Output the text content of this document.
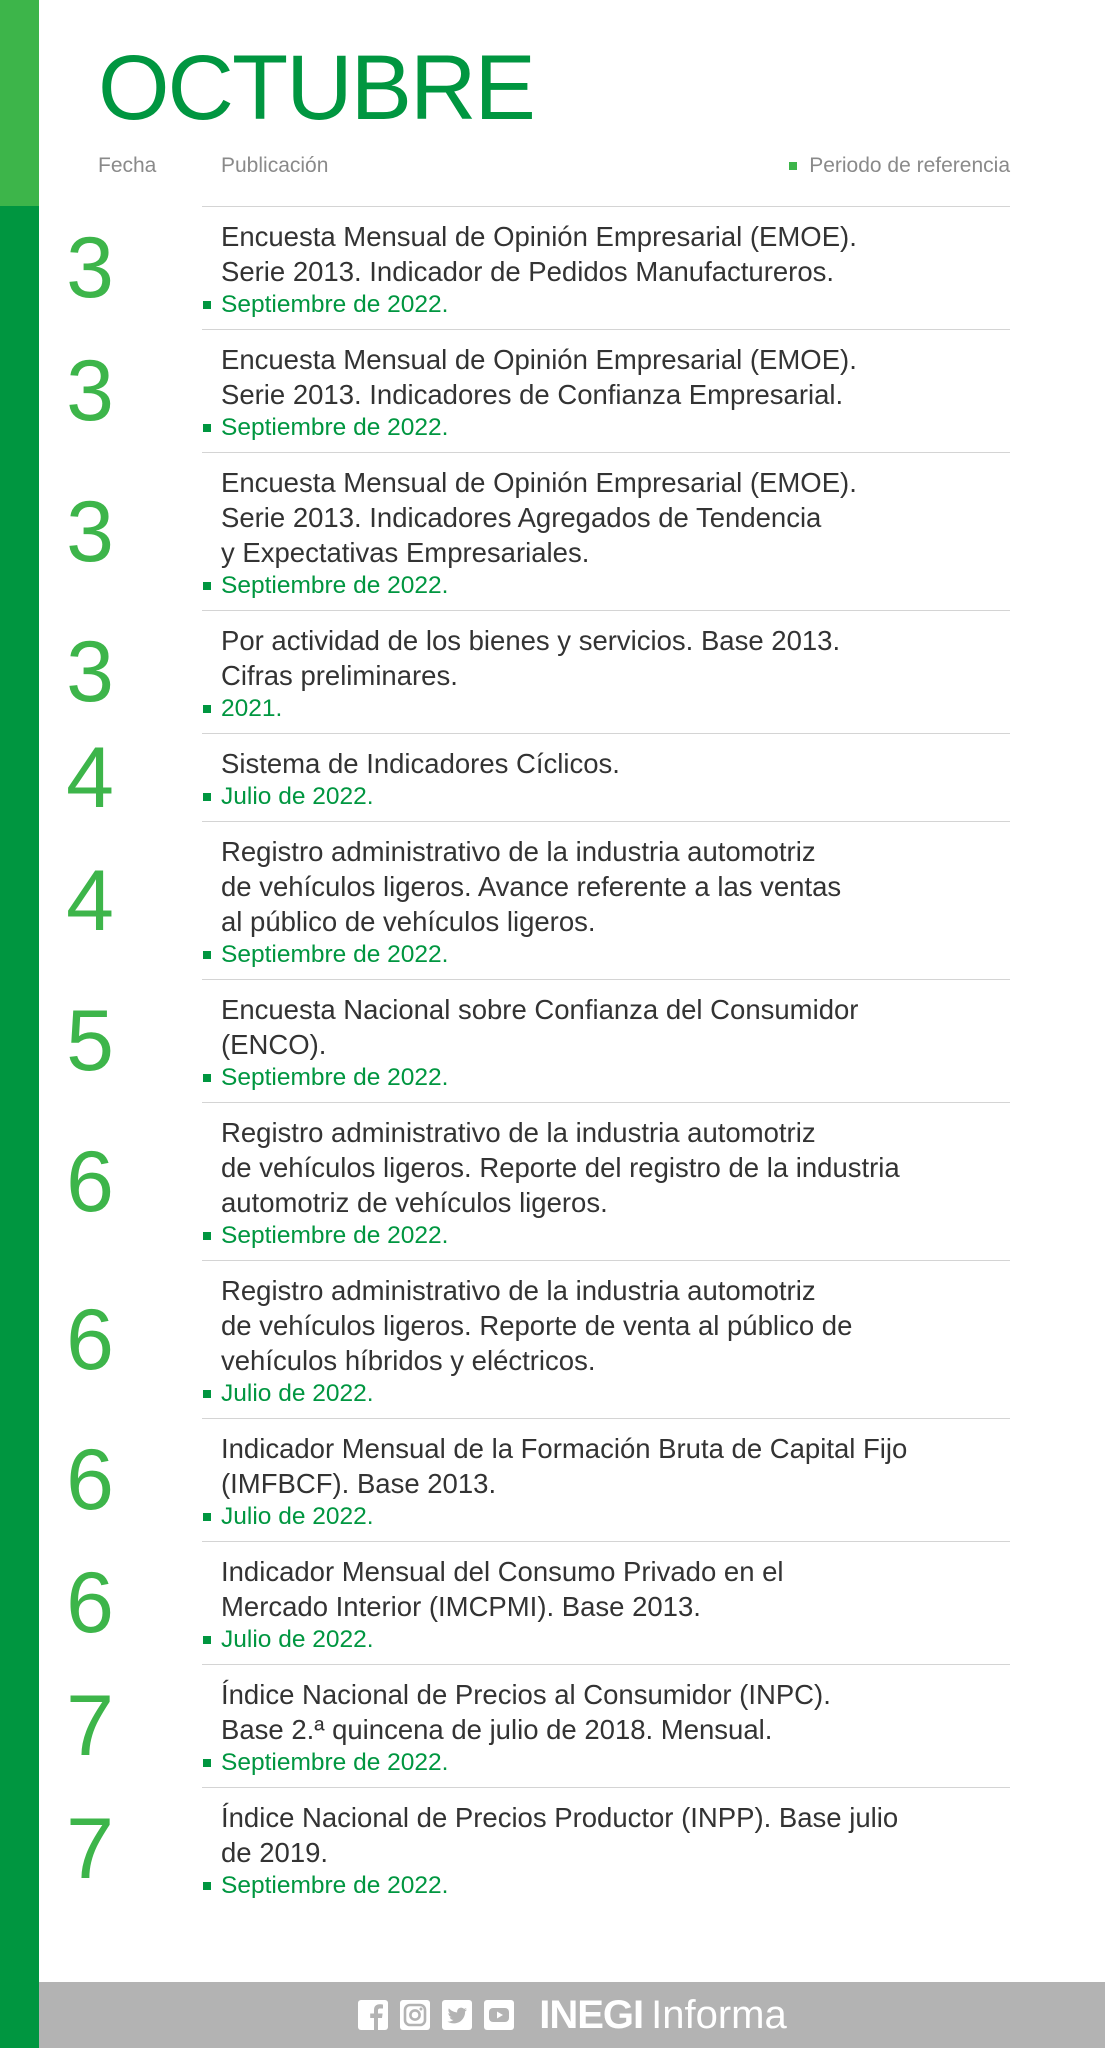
OCTUBRE
Fecha	Publicación	Periodo de referencia
3	Encuesta Mensual de Opinión Empresarial (EMOE).
Serie 2013. Indicador de Pedidos Manufactureros.
Septiembre de 2022.
3	Encuesta Mensual de Opinión Empresarial (EMOE).
Serie 2013. Indicadores de Confianza Empresarial.
Septiembre de 2022.
3
Encuesta Mensual de Opinión Empresarial (EMOE).
Serie 2013. Indicadores Agregados de Tendencia
y Expectativas Empresariales.
Septiembre de 2022.
3	Por actividad de los bienes y servicios. Base 2013.
Cifras preliminares.
2021.
4	Sistema de Indicadores Cíclicos.
Julio de 2022.
4
Registro administrativo de la industria automotriz
de vehículos ligeros. Avance referente a las ventas
al público de vehículos ligeros.
Septiembre de 2022.
5	Encuesta Nacional sobre Confianza del Consumidor
(ENCO).
Septiembre de 2022.
6
Registro administrativo de la industria automotriz
de vehículos ligeros. Reporte del registro de la industria
automotriz de vehículos ligeros.
Septiembre de 2022.
6
Registro administrativo de la industria automotriz
de vehículos ligeros. Reporte de venta al público de
vehículos híbridos y eléctricos.
Julio de 2022.
6	Indicador Mensual de la Formación Bruta de Capital Fijo
(IMFBCF). Base 2013.
Julio de 2022.
6	Indicador Mensual del Consumo Privado en el
Mercado Interior (IMCPMI). Base 2013.
Julio de 2022.
7	Índice Nacional de Precios al Consumidor (INPC).
Base 2.ª quincena de julio de 2018. Mensual.
Septiembre de 2022.
7	Índice Nacional de Precios Productor (INPP). Base julio
de 2019.
Septiembre de 2022.
INEGI Informa
